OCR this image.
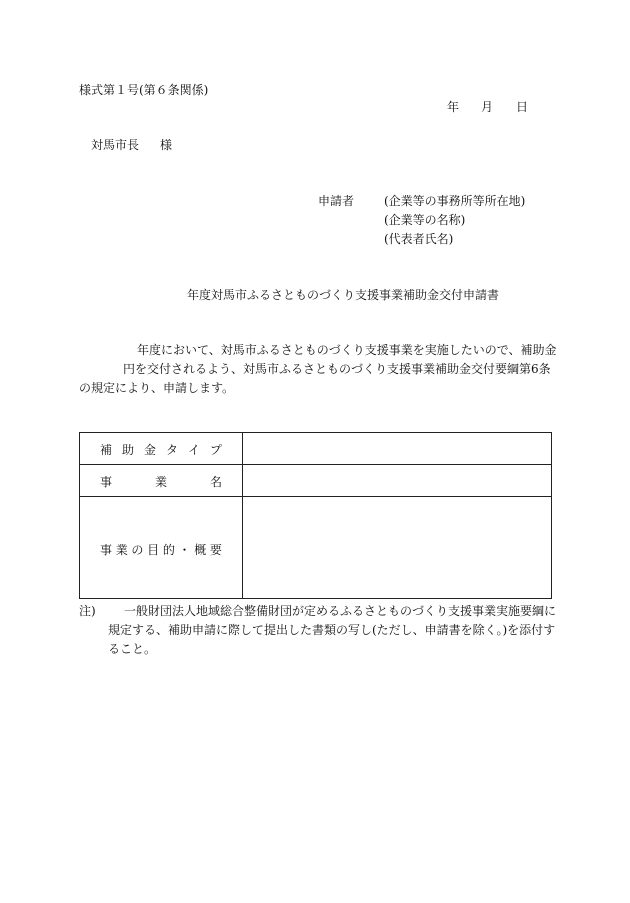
様式第１号(第６条関係)
年 月 日
対馬市長 様
申請者 (企業等の事務所等所在地)
(企業等の名称)
(代表者氏名)
年度対馬市ふるさとものづくり支援事業補助金交付申請書
年度において、対馬市ふるさとものづくり支援事業を実施したいので、補助金
円を交付されるよう、対馬市ふるさとものづくり支援事業補助金交付要綱第6条
の規定により、申請します。
補 助 金 タ イ プ
事	業	名
事 業 の 目 的 ・ 概 要
注) 一般財団法人地域総合整備財団が定めるふるさとものづくり支援事業実施要綱に
規定する、補助申請に際して提出した書類の写し(ただし、申請書を除く。)を添付す
ること。
